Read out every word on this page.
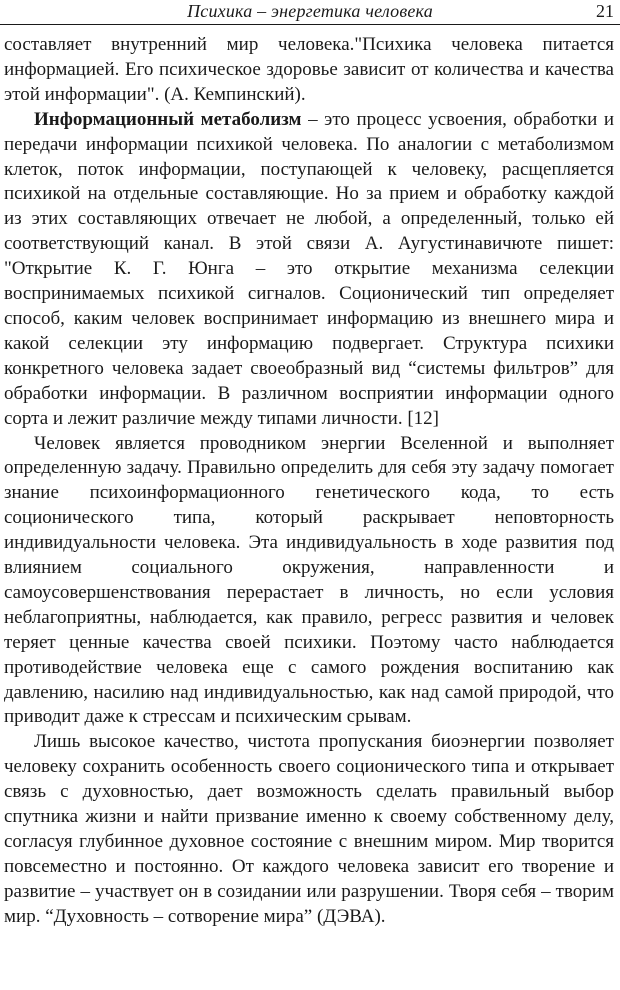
Психика – энергетика человека	21

составляет внутренний мир человека."Психика человека питается информацией. Его психическое здоровье зависит от количества и качества этой информации". (А. Кемпинский).

Информационный метаболизм – это процесс усвоения, обработки и передачи информации психикой человека. По аналогии с метаболизмом клеток, поток информации, поступающей к человеку, расщепляется психикой на отдельные составляющие. Но за прием и обработку каждой из этих составляющих отвечает не любой, а определенный, только ей соответствующий канал. В этой связи А. Аугустинавичюте пишет: "Открытие К. Г. Юнга – это открытие механизма селекции воспринимаемых психикой сигналов. Соционический тип определяет способ, каким человек воспринимает информацию из внешнего мира и какой селекции эту информацию подвергает. Структура психики конкретного человека задает своеобразный вид “системы фильтров” для обработки информации. В различном восприятии информации одного сорта и лежит различие между типами личности. [12]

Человек является проводником энергии Вселенной и выполняет определенную задачу. Правильно определить для себя эту задачу помогает знание психоинформационного генетического кода, то есть соционического типа, который раскрывает неповторность индивидуальности человека. Эта индивидуальность в ходе развития под влиянием социального окружения, направленности и самоусовершенствования перерастает в личность, но если условия неблагоприятны, наблюдается, как правило, регресс развития и человек теряет ценные качества своей психики. Поэтому часто наблюдается противодействие человека еще с самого рождения воспитанию как давлению, насилию над индивидуальностью, как над самой природой, что приводит даже к стрессам и психическим срывам.

Лишь высокое качество, чистота пропускания биоэнергии позволяет человеку сохранить особенность своего соционического типа и открывает связь с духовностью, дает возможность сделать правильный выбор спутника жизни и найти призвание именно к своему собственному делу, согласуя глубинное духовное состояние с внешним миром. Мир творится повсеместно и постоянно. От каждого человека зависит его творение и развитие – участвует он в созидании или разрушении. Творя себя – творим мир. “Духовность – сотворение мира” (ДЭВА).
